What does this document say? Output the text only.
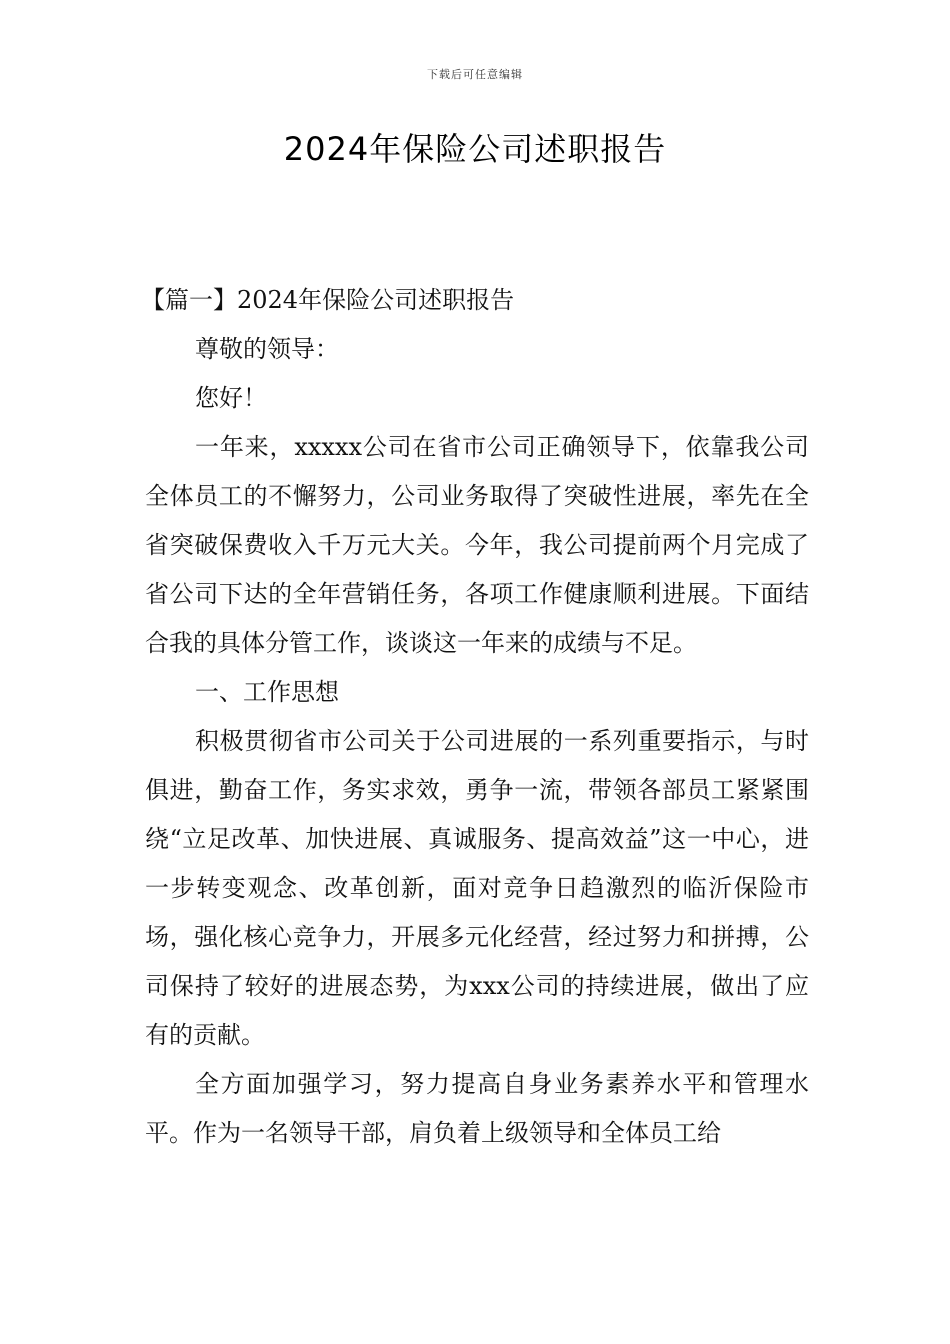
下载后可任意编辑
2024年保险公司述职报告

【篇一】2024年保险公司述职报告

尊敬的领导：

您好！

一年来，xxxxx公司在省市公司正确领导下，依靠我公司全体员工的不懈努力，公司业务取得了突破性进展，率先在全省突破保费收入千万元大关。今年，我公司提前两个月完成了省公司下达的全年营销任务，各项工作健康顺利进展。下面结合我的具体分管工作，谈谈这一年来的成绩与不足。

一、工作思想

积极贯彻省市公司关于公司进展的一系列重要指示，与时俱进，勤奋工作，务实求效，勇争一流，带领各部员工紧紧围绕“立足改革、加快进展、真诚服务、提高效益”这一中心，进一步转变观念、改革创新，面对竞争日趋激烈的临沂保险市场，强化核心竞争力，开展多元化经营，经过努力和拼搏，公司保持了较好的进展态势，为xxx公司的持续进展，做出了应有的贡献。

全方面加强学习，努力提高自身业务素养水平和管理水平。作为一名领导干部，肩负着上级领导和全体员工给
